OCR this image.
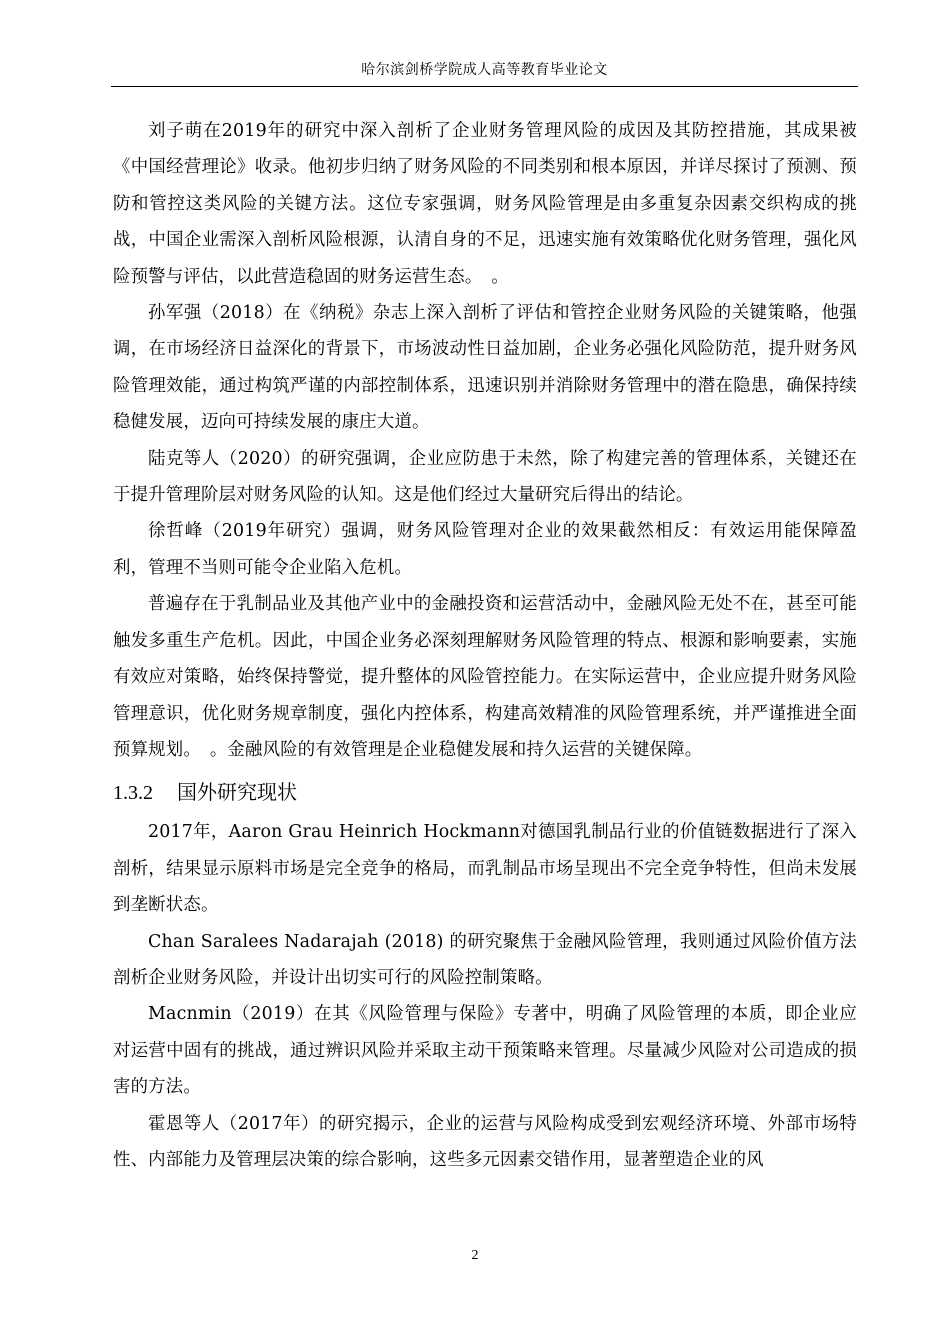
哈尔滨剑桥学院成人高等教育毕业论文

刘子萌在2019年的研究中深入剖析了企业财务管理风险的成因及其防控措施，其成果被《中国经营理论》收录。他初步归纳了财务风险的不同类别和根本原因，并详尽探讨了预测、预防和管控这类风险的关键方法。这位专家强调，财务风险管理是由多重复杂因素交织构成的挑战，中国企业需深入剖析风险根源，认清自身的不足，迅速实施有效策略优化财务管理，强化风险预警与评估，以此营造稳固的财务运营生态。　。

孙军强（2018）在《纳税》杂志上深入剖析了评估和管控企业财务风险的关键策略，他强调，在市场经济日益深化的背景下，市场波动性日益加剧，企业务必强化风险防范，提升财务风险管理效能，通过构筑严谨的内部控制体系，迅速识别并消除财务管理中的潜在隐患，确保持续稳健发展，迈向可持续发展的康庄大道。

陆克等人（2020）的研究强调，企业应防患于未然，除了构建完善的管理体系，关键还在于提升管理阶层对财务风险的认知。这是他们经过大量研究后得出的结论。

徐哲峰（2019年研究）强调，财务风险管理对企业的效果截然相反：有效运用能保障盈利，管理不当则可能令企业陷入危机。

普遍存在于乳制品业及其他产业中的金融投资和运营活动中，金融风险无处不在，甚至可能触发多重生产危机。因此，中国企业务必深刻理解财务风险管理的特点、根源和影响要素，实施有效应对策略，始终保持警觉，提升整体的风险管控能力。在实际运营中，企业应提升财务风险管理意识，优化财务规章制度，强化内控体系，构建高效精准的风险管理系统，并严谨推进全面预算规划。　。金融风险的有效管理是企业稳健发展和持久运营的关键保障。

1.3.2 国外研究现状

2017年，Aaron Grau Heinrich Hockmann对德国乳制品行业的价值链数据进行了深入剖析，结果显示原料市场是完全竞争的格局，而乳制品市场呈现出不完全竞争特性，但尚未发展到垄断状态。

Chan Saralees Nadarajah (2018) 的研究聚焦于金融风险管理，我则通过风险价值方法剖析企业财务风险，并设计出切实可行的风险控制策略。

Macnmin（2019）在其《风险管理与保险》专著中，明确了风险管理的本质，即企业应对运营中固有的挑战，通过辨识风险并采取主动干预策略来管理。尽量减少风险对公司造成的损害的方法。

霍恩等人（2017年）的研究揭示，企业的运营与风险构成受到宏观经济环境、外部市场特性、内部能力及管理层决策的综合影响，这些多元因素交错作用，显著塑造企业的风

2
